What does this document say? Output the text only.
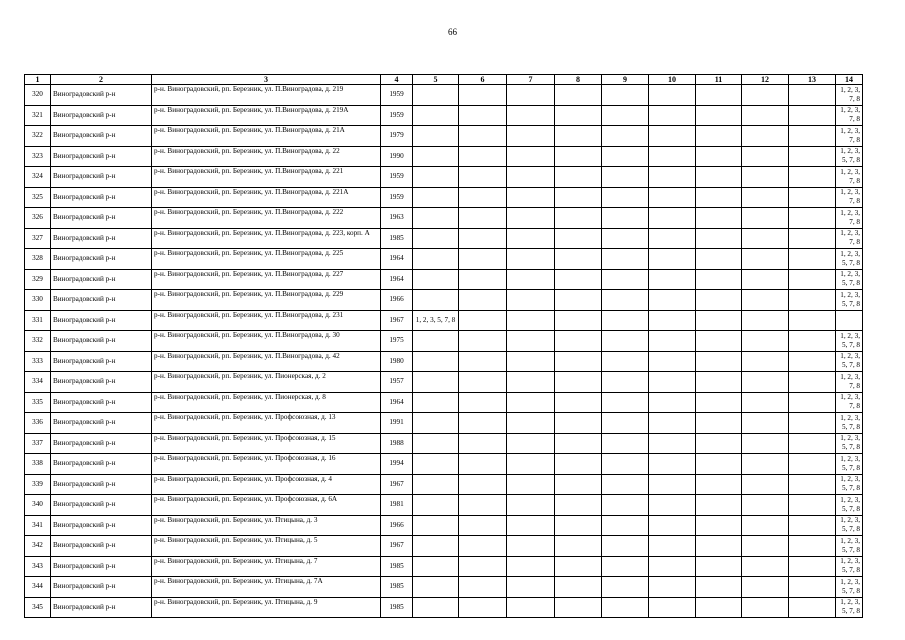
66
1	2	3	4	5	6	7	8	9	10	11	12	13	14
320	Виноградовский р-н	р-н. Виноградовский, рп. Березник, ул. П.Виноградова, д. 219	1959										1, 2, 3, 7, 8
321	Виноградовский р-н	р-н. Виноградовский, рп. Березник, ул. П.Виноградова, д. 219А	1959										1, 2, 3, 7, 8
322	Виноградовский р-н	р-н. Виноградовский, рп. Березник, ул. П.Виноградова, д. 21А	1979										1, 2, 3, 7, 8
323	Виноградовский р-н	р-н. Виноградовский, рп. Березник, ул. П.Виноградова, д. 22	1990										1, 2, 3, 5, 7, 8
324	Виноградовский р-н	р-н. Виноградовский, рп. Березник, ул. П.Виноградова, д. 221	1959										1, 2, 3, 7, 8
325	Виноградовский р-н	р-н. Виноградовский, рп. Березник, ул. П.Виноградова, д. 221А	1959										1, 2, 3, 7, 8
326	Виноградовский р-н	р-н. Виноградовский, рп. Березник, ул. П.Виноградова, д. 222	1963										1, 2, 3, 7, 8
327	Виноградовский р-н	р-н. Виноградовский, рп. Березник, ул. П.Виноградова, д. 223, корп. А	1985										1, 2, 3, 7, 8
328	Виноградовский р-н	р-н. Виноградовский, рп. Березник, ул. П.Виноградова, д. 225	1964										1, 2, 3, 5, 7, 8
329	Виноградовский р-н	р-н. Виноградовский, рп. Березник, ул. П.Виноградова, д. 227	1964										1, 2, 3, 5, 7, 8
330	Виноградовский р-н	р-н. Виноградовский, рп. Березник, ул. П.Виноградова, д. 229	1966										1, 2, 3, 5, 7, 8
331	Виноградовский р-н	р-н. Виноградовский, рп. Березник, ул. П.Виноградова, д. 231	1967	1, 2, 3, 5, 7, 8									
332	Виноградовский р-н	р-н. Виноградовский, рп. Березник, ул. П.Виноградова, д. 30	1975										1, 2, 3, 5, 7, 8
333	Виноградовский р-н	р-н. Виноградовский, рп. Березник, ул. П.Виноградова, д. 42	1980										1, 2, 3, 5, 7, 8
334	Виноградовский р-н	р-н. Виноградовский, рп. Березник, ул. Пионерская, д. 2	1957										1, 2, 3, 7, 8
335	Виноградовский р-н	р-н. Виноградовский, рп. Березник, ул. Пионерская, д. 8	1964										1, 2, 3, 7, 8
336	Виноградовский р-н	р-н. Виноградовский, рп. Березник, ул. Профсоюзная, д. 13	1991										1, 2, 3, 5, 7, 8
337	Виноградовский р-н	р-н. Виноградовский, рп. Березник, ул. Профсоюзная, д. 15	1988										1, 2, 3, 5, 7, 8
338	Виноградовский р-н	р-н. Виноградовский, рп. Березник, ул. Профсоюзная, д. 16	1994										1, 2, 3, 5, 7, 8
339	Виноградовский р-н	р-н. Виноградовский, рп. Березник, ул. Профсоюзная, д. 4	1967										1, 2, 3, 5, 7, 8
340	Виноградовский р-н	р-н. Виноградовский, рп. Березник, ул. Профсоюзная, д. 6А	1981										1, 2, 3, 5, 7, 8
341	Виноградовский р-н	р-н. Виноградовский, рп. Березник, ул. Птицына, д. 3	1966										1, 2, 3, 5, 7, 8
342	Виноградовский р-н	р-н. Виноградовский, рп. Березник, ул. Птицына, д. 5	1967										1, 2, 3, 5, 7, 8
343	Виноградовский р-н	р-н. Виноградовский, рп. Березник, ул. Птицына, д. 7	1985										1, 2, 3, 5, 7, 8
344	Виноградовский р-н	р-н. Виноградовский, рп. Березник, ул. Птицына, д. 7А	1985										1, 2, 3, 5, 7, 8
345	Виноградовский р-н	р-н. Виноградовский, рп. Березник, ул. Птицына, д. 9	1985										1, 2, 3, 5, 7, 8
